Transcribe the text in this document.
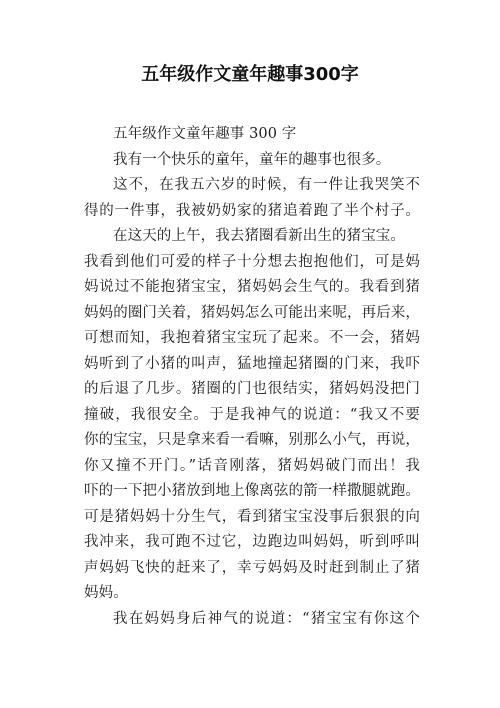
五年级作文童年趣事300字
五年级作文童年趣事 300 字
我有一个快乐的童年，童年的趣事也很多。
这不，在我五六岁的时候，有一件让我哭笑不
得的一件事，我被奶奶家的猪追着跑了半个村子。
在这天的上午，我去猪圈看新出生的猪宝宝。
我看到他们可爱的样子十分想去抱抱他们，可是妈
妈说过不能抱猪宝宝，猪妈妈会生气的。我看到猪
妈妈的圈门关着，猪妈妈怎么可能出来呢，再后来，
可想而知，我抱着猪宝宝玩了起来。不一会，猪妈
妈听到了小猪的叫声，猛地撞起猪圈的门来，我吓
的后退了几步。猪圈的门也很结实，猪妈妈没把门
撞破，我很安全。于是我神气的说道：“我又不要
你的宝宝，只是拿来看一看嘛，别那么小气，再说，
你又撞不开门。”话音刚落，猪妈妈破门而出！我
吓的一下把小猪放到地上像离弦的箭一样撒腿就跑。
可是猪妈妈十分生气，看到猪宝宝没事后狠狠的向
我冲来，我可跑不过它，边跑边叫妈妈，听到呼叫
声妈妈飞快的赶来了，幸亏妈妈及时赶到制止了猪
妈妈。
我在妈妈身后神气的说道：“猪宝宝有你这个
